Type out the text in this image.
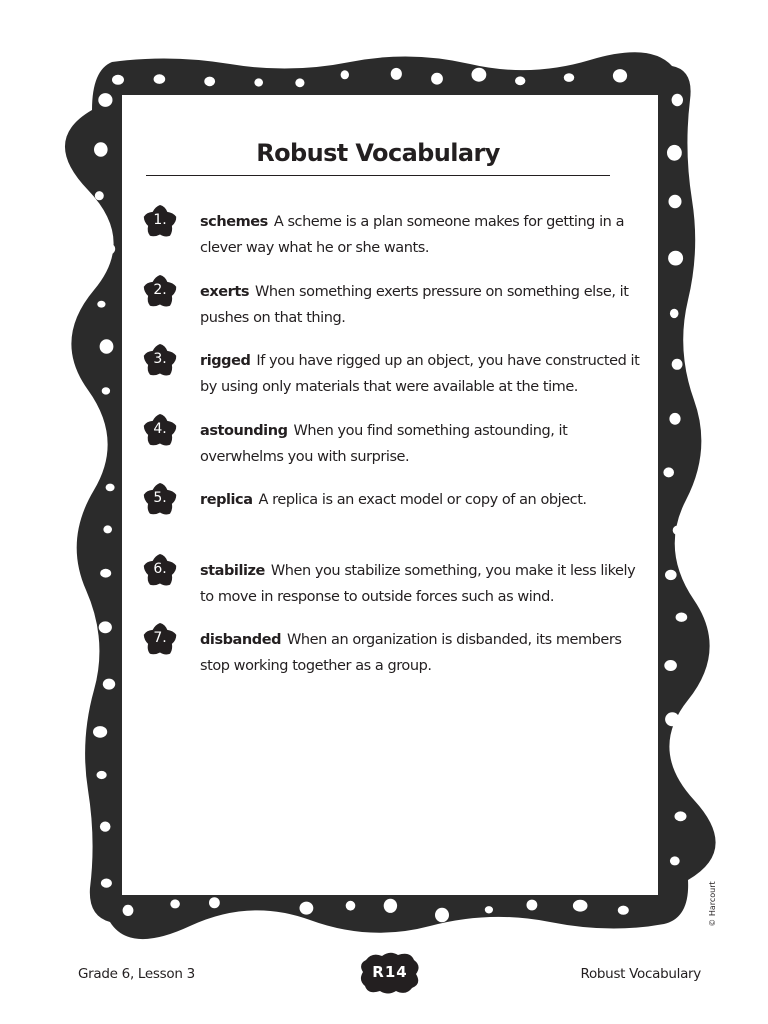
Robust Vocabulary
1.	schemes A scheme is a plan someone makes for getting in a clever way what he or she wants.
2.	exerts When something exerts pressure on something else, it pushes on that thing.
3.	rigged If you have rigged up an object, you have constructed it by using only materials that were available at the time.
4.	astounding When you find something astounding, it overwhelms you with surprise.
5.	replica A replica is an exact model or copy of an object.
6.	stabilize When you stabilize something, you make it less likely to move in response to outside forces such as wind.
7.	disbanded When an organization is disbanded, its members stop working together as a group.
© Harcourt
Grade 6, Lesson 3	R14	Robust Vocabulary
